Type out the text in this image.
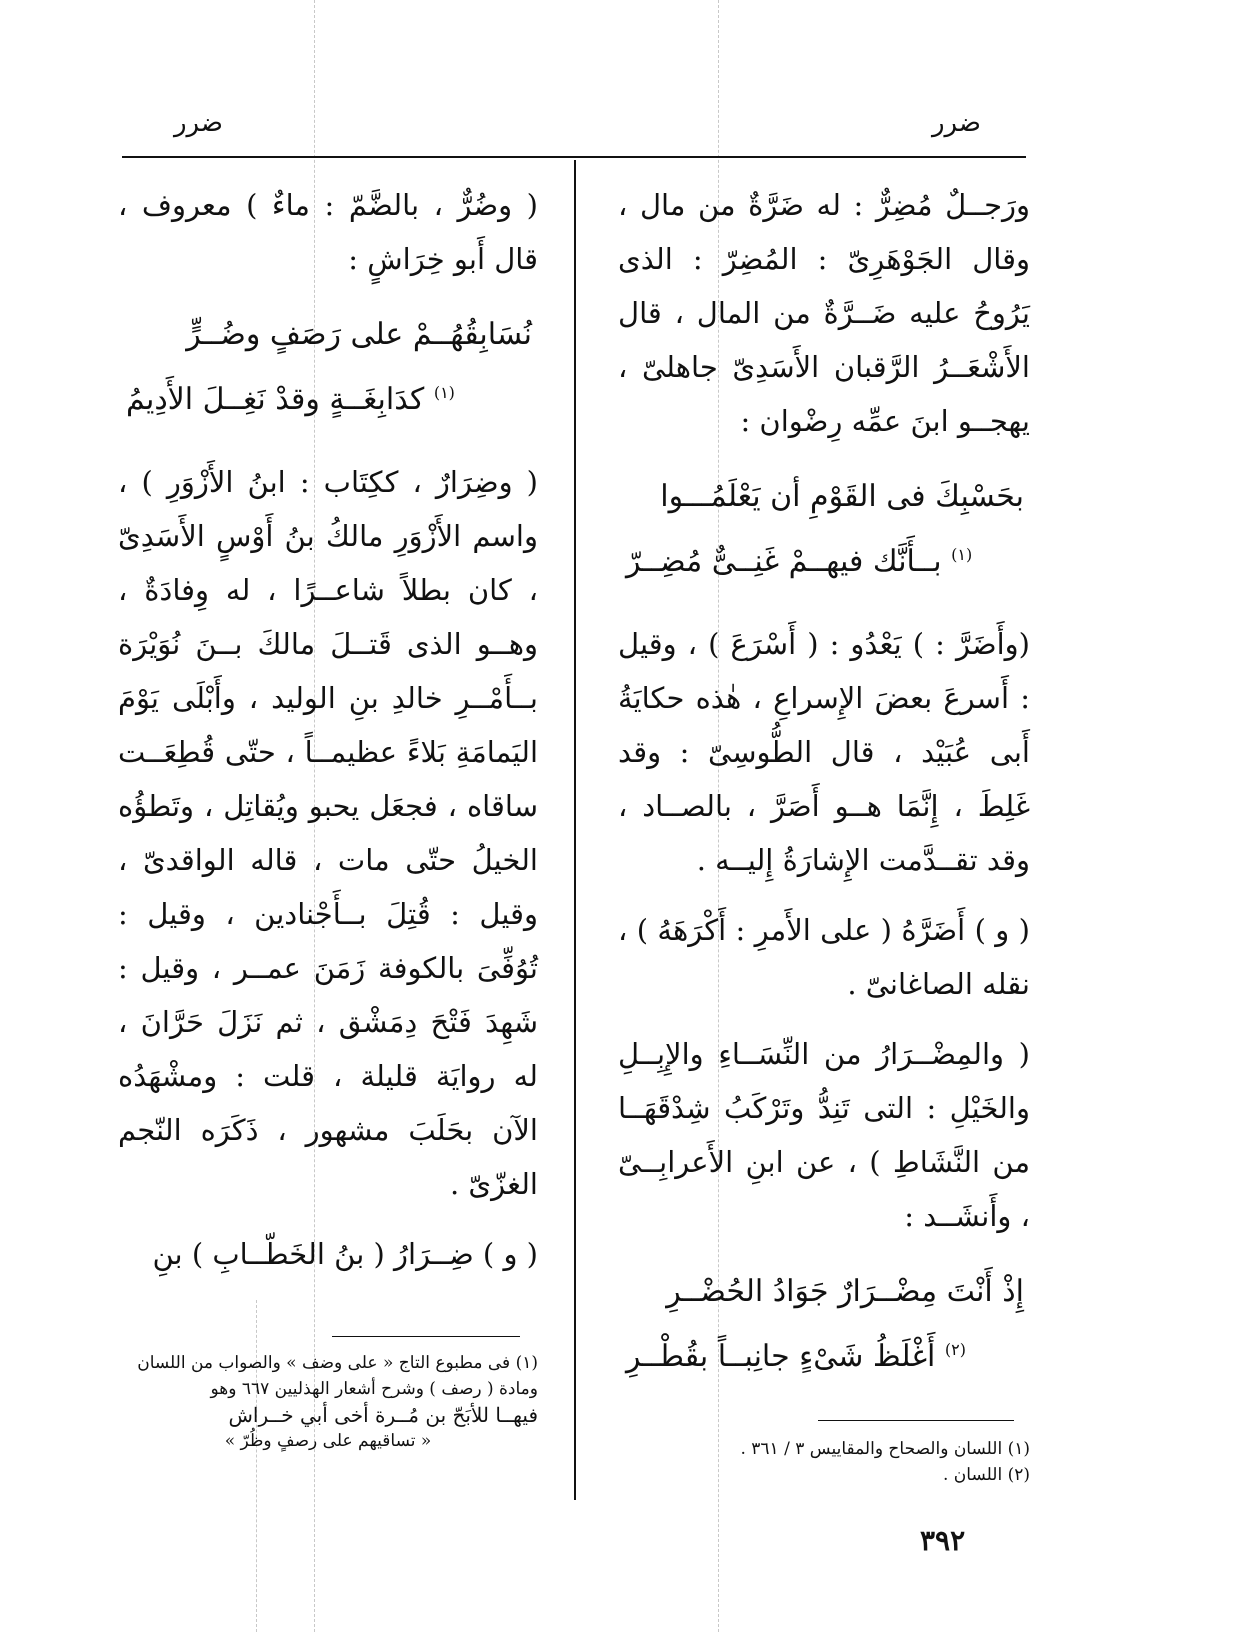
ضرر
ضرر

ورَجــلٌ مُضِرٌّ : له ضَرَّةٌ من مال ، وقال الجَوْهَرِىّ : المُضِرّ : الذى يَرُوحُ عليه ضَــرَّةٌ من المال ، قال الأَشْعَــرُ الرَّقبان الأَسَدِىّ جاهلىّ ، يهجــو ابنَ عمِّه رِضْوان :

بحَسْبِكَ فى القَوْمِ أن يَعْلَمُـــوا
$^{(١)}$ بــأَنَّك فيهــمْ غَنِــىٌّ مُضِــرّ

(وأَضَرَّ : ) يَعْدُو : ( أَسْرَعَ ) ، وقيل : أَسرعَ بعضَ الإِسراعِ ، هٰذه حكايَةُ أَبى عُبَيْد ، قال الطُّوسِىّ : وقد غَلِطَ ، إِنَّمَا هــو أَصَرَّ ، بالصــاد ، وقد تقــدَّمت الإِشارَةُ إِليــه .

( و ) أَضَرَّهُ ( على الأَمرِ : أَكْرَهَهُ ) ، نقله الصاغانىّ .

( والمِضْــرَارُ من النِّسَــاءِ والإِبِــلِ والخَيْلِ : التى تَنِدُّ وتَرْكَبُ شِدْقَهَــا من النَّشَاطِ ) ، عن ابنِ الأَعرابِــىّ ، وأَنشَــد :

إِذْ أَنْتَ مِضْــرَارٌ جَوَادُ الحُضْــرِ
$^{(٢)}$ أَغْلَظُ شَىْءٍ جانِبــاً بقُطْــرِ

( وضُرٌّ ، بالضَّمّ : ماءٌ ) معروف ، قال أَبو خِرَاشٍ :

نُسَابِقُهُــمْ على رَصَفٍ وضُــرٍّ
$^{(١)}$ كدَابِغَــةٍ وقدْ نَغِــلَ الأَدِيمُ

( وضِرَارٌ ، ككِتَاب : ابنُ الأَزْوَرِ ) ، واسم الأَزْوَرِ مالكُ بنُ أَوْسٍ الأَسَدِىّ ، كان بطلاً شاعــرًا ، له وِفادَةٌ ، وهــو الذى قَتــلَ مالكَ بــنَ نُوَيْرَة بــأَمْــرِ خالدِ بنِ الوليد ، وأَبْلَى يَوْمَ اليَمامَةِ بَلاءً عظيمــاً ، حتّى قُطِعَــت ساقاه ، فجعَل يحبو ويُقاتِل ، وتَطؤُه الخيلُ حتّى مات ، قاله الواقدىّ ، وقيل : قُتِلَ بــأَجْنادين ، وقيل : تُوُفِّىَ بالكوفة زَمَنَ عمــر ، وقيل : شَهِدَ فَتْحَ دِمَشْق ، ثم نَزَلَ حَرَّانَ ، له روايَة قليلة ، قلت : ومشْهَدُه الآن بحَلَبَ مشهور ، ذَكَرَه النّجم الغزّىّ .

( و ) ضِــرَارُ ( بنُ الخَطّــابِ ) بنِ

(١) فى مطبوع التاج « على وضف » والصواب من اللسان
ومادة ( رصف ) وشرح أشعار الهذليين ٦٦٧ وهو
فيهــا للأبَحّ بن مُــرة أخى أبي خــراش
« تساقيهم على رصفٍ وظُرّ »	(١) اللسان والصحاح والمقاييس ٣ / ٣٦١ .
(٢) اللسان .
٣٩٢
